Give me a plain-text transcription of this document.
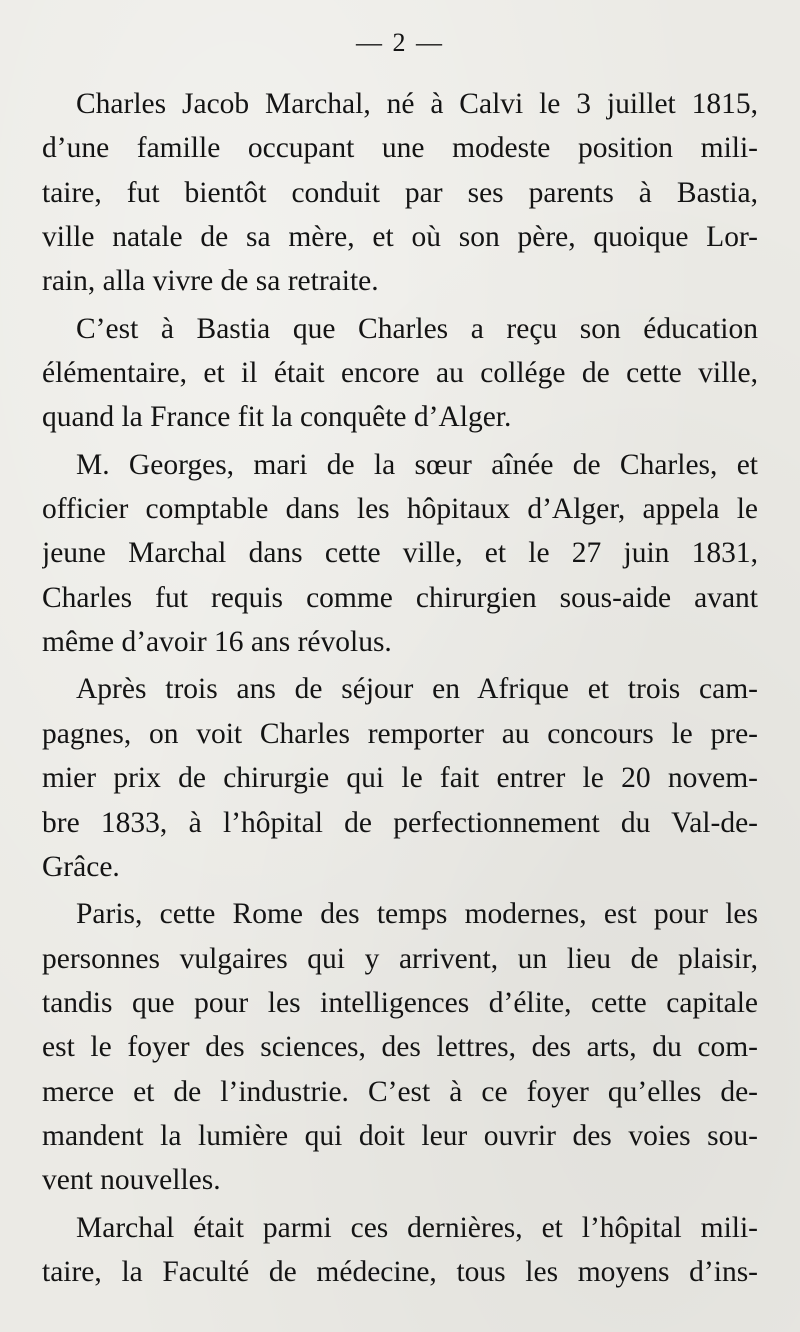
— 2 —
Charles Jacob Marchal, né à Calvi le 3 juillet 1815,
d’une famille occupant une modeste position mili-
taire, fut bientôt conduit par ses parents à Bastia,
ville natale de sa mère, et où son père, quoique Lor-
rain, alla vivre de sa retraite.
C’est à Bastia que Charles a reçu son éducation
élémentaire, et il était encore au collége de cette ville,
quand la France fit la conquête d’Alger.
M. Georges, mari de la sœur aînée de Charles, et
officier comptable dans les hôpitaux d’Alger, appela le
jeune Marchal dans cette ville, et le 27 juin 1831,
Charles fut requis comme chirurgien sous-aide avant
même d’avoir 16 ans révolus.
Après trois ans de séjour en Afrique et trois cam-
pagnes, on voit Charles remporter au concours le pre-
mier prix de chirurgie qui le fait entrer le 20 novem-
bre 1833, à l’hôpital de perfectionnement du Val-de-
Grâce.
Paris, cette Rome des temps modernes, est pour les
personnes vulgaires qui y arrivent, un lieu de plaisir,
tandis que pour les intelligences d’élite, cette capitale
est le foyer des sciences, des lettres, des arts, du com-
merce et de l’industrie. C’est à ce foyer qu’elles de-
mandent la lumière qui doit leur ouvrir des voies sou-
vent nouvelles.
Marchal était parmi ces dernières, et l’hôpital mili-
taire, la Faculté de médecine, tous les moyens d’ins-
